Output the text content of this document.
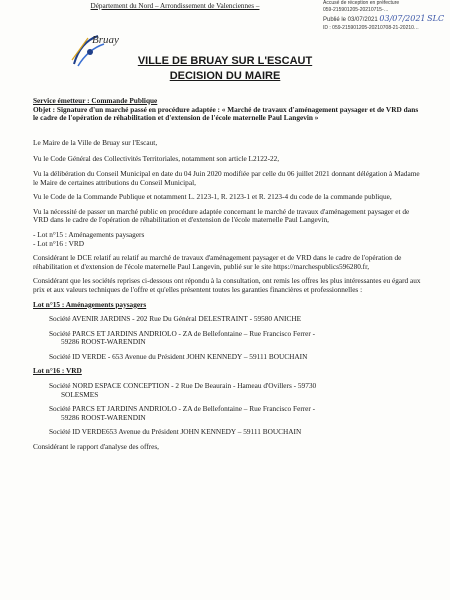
Département du Nord – Arrondissement de Valenciennes –	Accusé de réception en préfecture
059-215901205-20210715-…
Publié le 03/07/2021 03/07/2021 SLC
ID : 059-215901205-20210708-21-20210…
Bruay
VILLE DE BRUAY SUR L'ESCAUT
DECISION DU MAIRE

Service émetteur : Commande Publique

Objet : Signature d'un marché passé en procédure adaptée : « Marché de travaux d'aménagement paysager et de VRD dans le cadre de l'opération de réhabilitation et d'extension de l'école maternelle Paul Langevin »

Le Maire de la Ville de Bruay sur l'Escaut,

Vu le Code Général des Collectivités Territoriales, notamment son article L2122-22,

Vu la délibération du Conseil Municipal en date du 04 Juin 2020 modifiée par celle du 06 juillet 2021 donnant délégation à Madame le Maire de certaines attributions du Conseil Municipal,

Vu le Code de la Commande Publique et notamment L. 2123-1, R. 2123-1 et R. 2123-4 du code de la commande publique,

Vu la nécessité de passer un marché public en procédure adaptée concernant le marché de travaux d'aménagement paysager et de VRD dans le cadre de l'opération de réhabilitation et d'extension de l'école maternelle Paul Langevin,

- Lot n°15 : Aménagements paysagers

- Lot n°16 : VRD

Considérant le DCE relatif au relatif au marché de travaux d'aménagement paysager et de VRD dans le cadre de l'opération de réhabilitation et d'extension de l'école maternelle Paul Langevin, publié sur le site https://marchespublics596280.fr,

Considérant que les sociétés reprises ci-dessous ont répondu à la consultation, ont remis les offres les plus intéressantes eu égard aux prix et aux valeurs techniques de l'offre et qu'elles présentent toutes les garanties financières et professionnelles :

Lot n°15 : Aménagements paysagers
Société AVENIR JARDINS - 202 Rue Du Général DELESTRAINT - 59580 ANICHE
Société PARCS ET JARDINS ANDRIOLO - ZA de Bellefontaine – Rue Francisco Ferrer -
59286 ROOST-WARENDIN
Société ID VERDE - 653 Avenue du Président JOHN KENNEDY – 59111 BOUCHAIN
Lot n°16 : VRD
Société NORD ESPACE CONCEPTION - 2 Rue De Beaurain - Hameau d'Ovillers - 59730
SOLESMES
Société PARCS ET JARDINS ANDRIOLO - ZA de Bellefontaine – Rue Francisco Ferrer -
59286 ROOST-WARENDIN
Société ID VERDE653 Avenue du Président JOHN KENNEDY – 59111 BOUCHAIN

Considérant le rapport d'analyse des offres,
